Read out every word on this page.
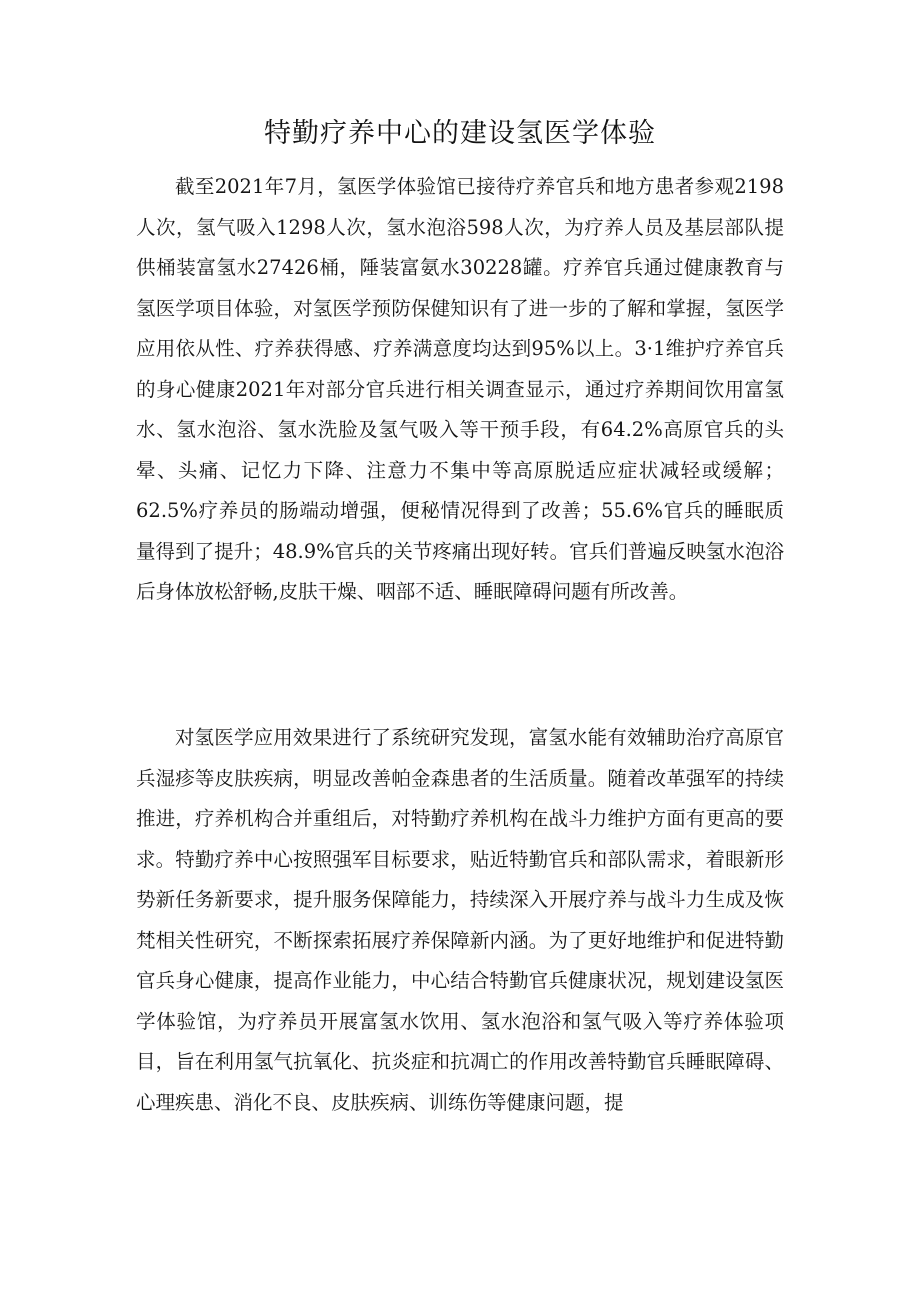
特勤疗养中心的建设氢医学体验

截至2021年7月，氢医学体验馆已接待疗养官兵和地方患者参观2198人次，氢气吸入1298人次，氢水泡浴598人次，为疗养人员及基层部队提供桶装富氢水27426桶，陲装富氨水30228罐。疗养官兵通过健康教育与氢医学项目体验，对氢医学预防保健知识有了进一步的了解和掌握，氢医学应用依从性、疗养获得感、疗养满意度均达到95%以上。3·1维护疗养官兵的身心健康2021年对部分官兵进行相关调查显示，通过疗养期间饮用富氢水、氢水泡浴、氢水洗脸及氢气吸入等干预手段，有64.2%高原官兵的头晕、头痛、记忆力下降、注意力不集中等高原脱适应症状减轻或缓解；62.5%疗养员的肠端动增强，便秘情况得到了改善；55.6%官兵的睡眠质量得到了提升；48.9%官兵的关节疼痛出现好转。官兵们普遍反映氢水泡浴后身体放松舒畅,皮肤干燥、咽部不适、睡眠障碍问题有所改善。

对氢医学应用效果进行了系统研究发现，富氢水能有效辅助治疗高原官兵湿疹等皮肤疾病，明显改善帕金森患者的生活质量。随着改革强军的持续推进，疗养机构合并重组后，对特勤疗养机构在战斗力维护方面有更高的要求。特勤疗养中心按照强军目标要求，贴近特勤官兵和部队需求，着眼新形势新任务新要求，提升服务保障能力，持续深入开展疗养与战斗力生成及恢梵相关性研究，不断探索拓展疗养保障新内涵。为了更好地维护和促进特勤官兵身心健康，提高作业能力，中心结合特勤官兵健康状况，规划建设氢医学体验馆，为疗养员开展富氢水饮用、氢水泡浴和氢气吸入等疗养体验项目，旨在利用氢气抗氧化、抗炎症和抗凋亡的作用改善特勤官兵睡眠障碍、心理疾患、消化不良、皮肤疾病、训练伤等健康问题，提
